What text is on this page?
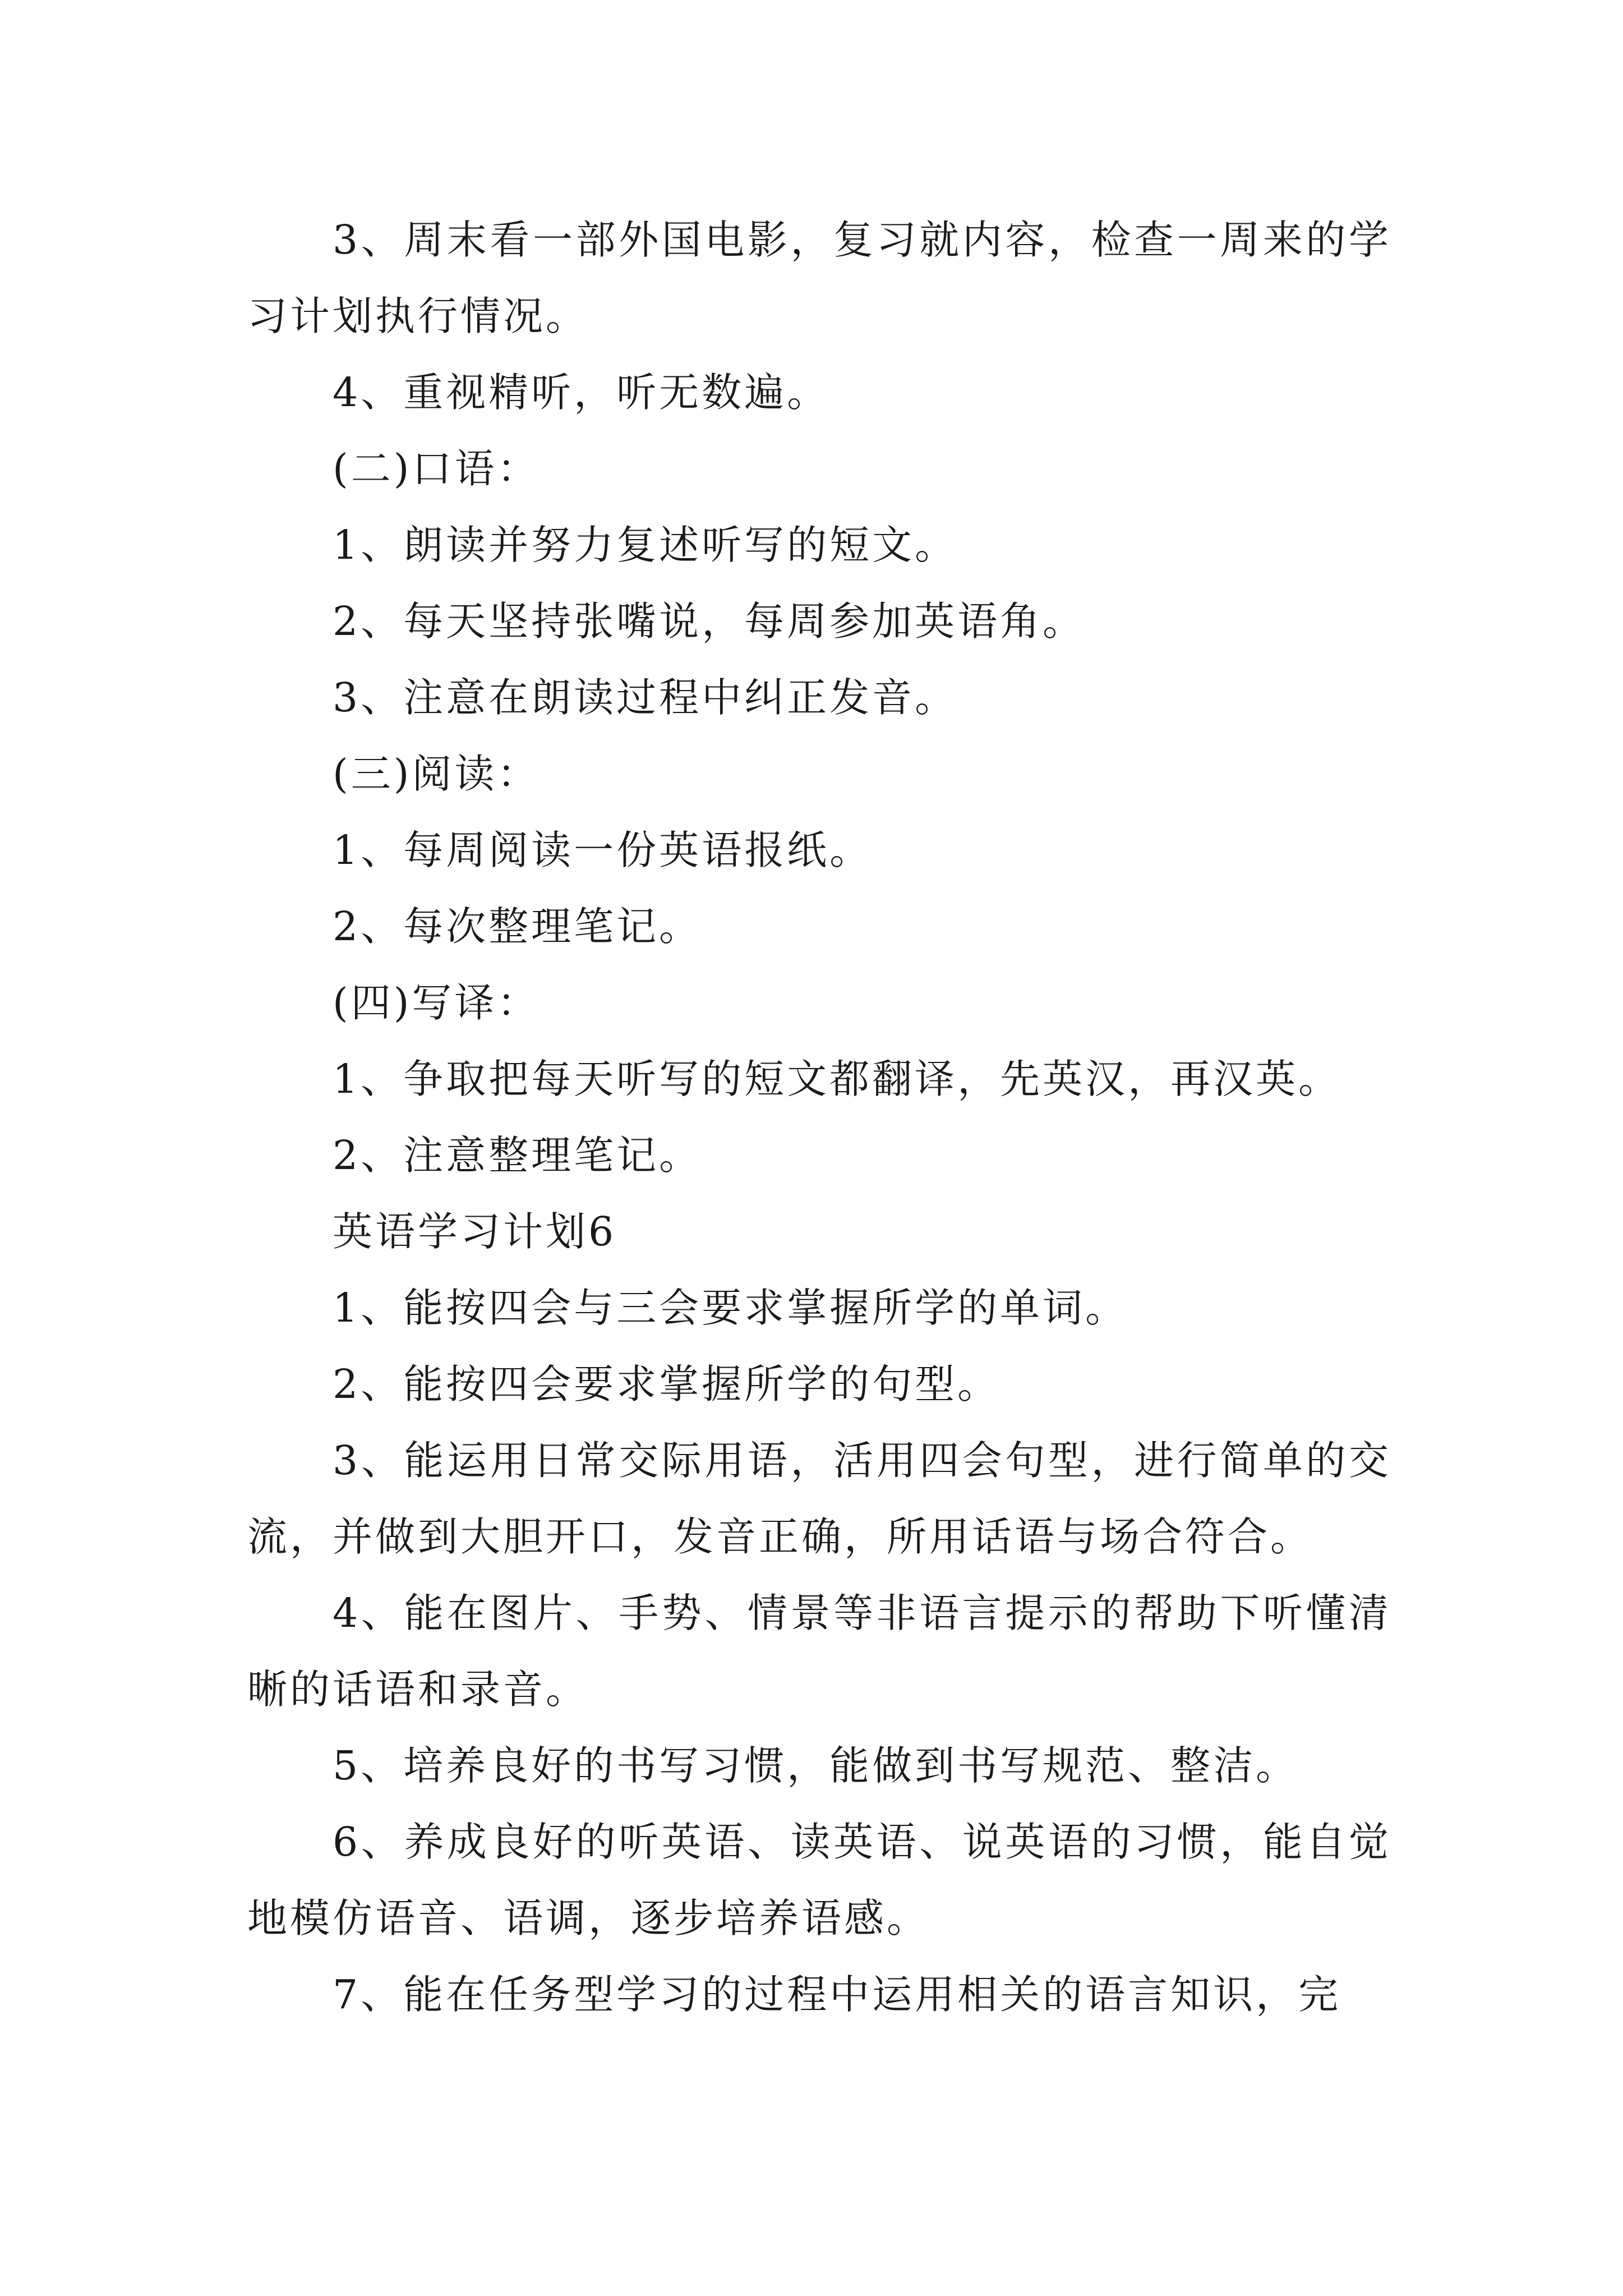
3、周末看一部外国电影，复习就内容，检查一周来的学习计划执行情况。

4、重视精听，听无数遍。

(二)口语：

1、朗读并努力复述听写的短文。

2、每天坚持张嘴说，每周参加英语角。

3、注意在朗读过程中纠正发音。

(三)阅读：

1、每周阅读一份英语报纸。

2、每次整理笔记。

(四)写译：

1、争取把每天听写的短文都翻译，先英汉，再汉英。

2、注意整理笔记。

英语学习计划6

1、能按四会与三会要求掌握所学的单词。

2、能按四会要求掌握所学的句型。

3、能运用日常交际用语，活用四会句型，进行简单的交流，并做到大胆开口，发音正确，所用话语与场合符合。

4、能在图片、手势、情景等非语言提示的帮助下听懂清晰的话语和录音。

5、培养良好的书写习惯，能做到书写规范、整洁。

6、养成良好的听英语、读英语、说英语的习惯，能自觉地模仿语音、语调，逐步培养语感。

7、能在任务型学习的过程中运用相关的语言知识，完
